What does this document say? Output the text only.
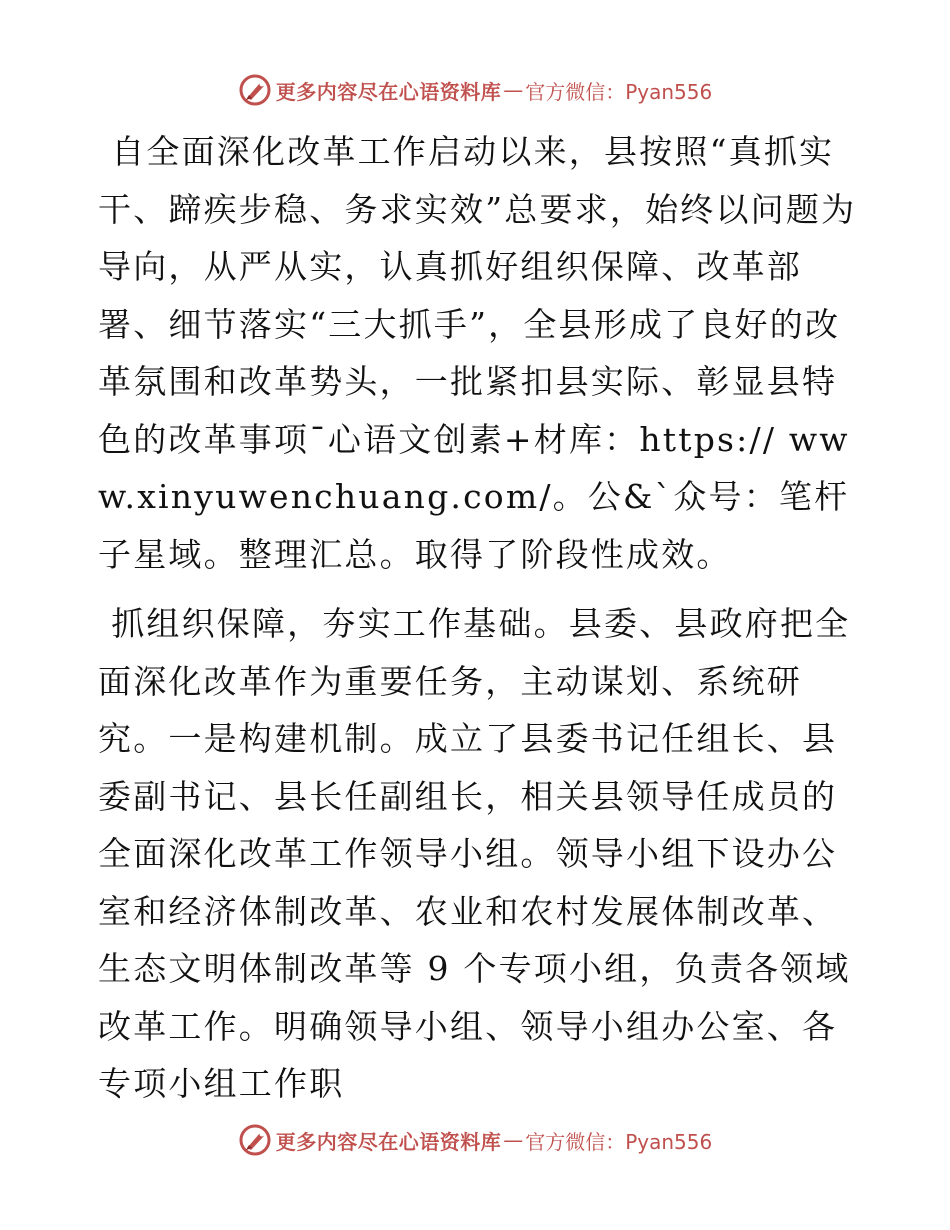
更多内容尽在心语资料库 — 官方微信：Pyan556

自全面深化改革工作启动以来，县按照“真抓实干、蹄疾步稳、务求实效”总要求，始终以问题为导向，从严从实，认真抓好组织保障、改革部署、细节落实“三大抓手”，全县形成了良好的改革氛围和改革势头，一批紧扣县实际、彰显县特色的改革事项¯心语文创素+材库：https:// www.xinyuwenchuang.com/。公&`众号：笔杆子星域。整理汇总。取得了阶段性成效。

抓组织保障，夯实工作基础。县委、县政府把全面深化改革作为重要任务，主动谋划、系统研究。一是构建机制。成立了县委书记任组长、县委副书记、县长任副组长，相关县领导任成员的全面深化改革工作领导小组。领导小组下设办公室和经济体制改革、农业和农村发展体制改革、生态文明体制改革等 9 个专项小组，负责各领域改革工作。明确领导小组、领导小组办公室、各专项小组工作职

更多内容尽在心语资料库 — 官方微信：Pyan556
